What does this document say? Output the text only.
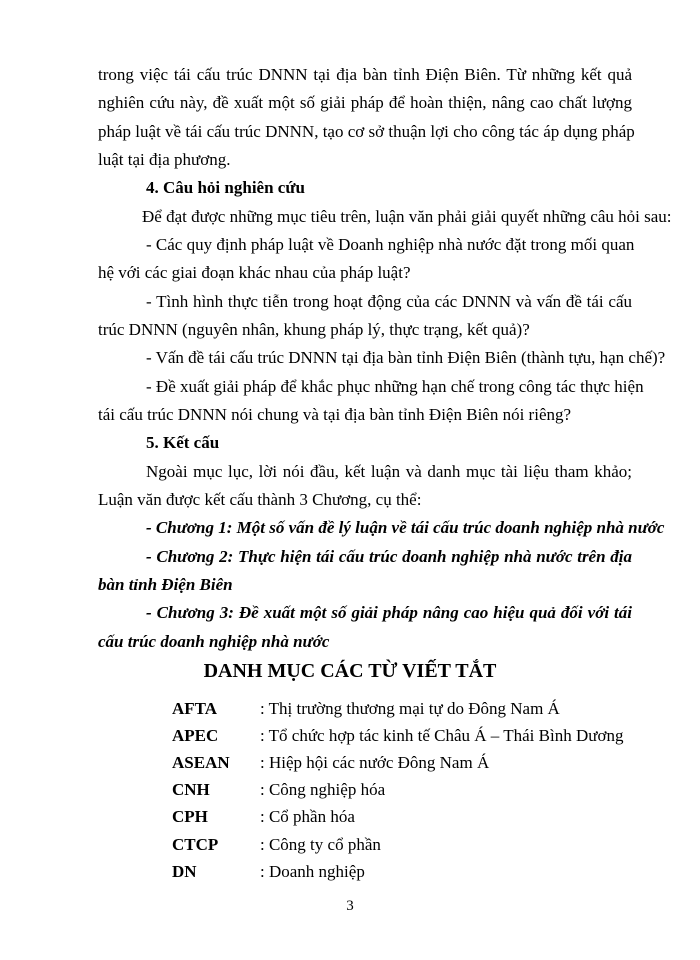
trong việc tái cấu trúc DNNN tại địa bàn tỉnh Điện Biên. Từ những kết quả
nghiên cứu này, đề xuất một số giải pháp để hoàn thiện, nâng cao chất lượng
pháp luật về tái cấu trúc DNNN, tạo cơ sở thuận lợi cho công tác áp dụng pháp
luật tại địa phương.
4. Câu hỏi nghiên cứu
Để đạt được những mục tiêu trên, luận văn phải giải quyết những câu hỏi sau:
- Các quy định pháp luật về Doanh nghiệp nhà nước đặt trong mối quan
hệ với các giai đoạn khác nhau của pháp luật?
- Tình hình thực tiễn trong hoạt động của các DNNN và vấn đề tái cấu
trúc DNNN (nguyên nhân, khung pháp lý, thực trạng, kết quả)?
- Vấn đề tái cấu trúc DNNN tại địa bàn tỉnh Điện Biên (thành tựu, hạn chế)?
- Đề xuất giải pháp để khắc phục những hạn chế trong công tác thực hiện
tái cấu trúc DNNN nói chung và tại địa bàn tỉnh Điện Biên nói riêng?
5. Kết cấu
Ngoài mục lục, lời nói đầu, kết luận và danh mục tài liệu tham khảo;
Luận văn được kết cấu thành 3 Chương, cụ thể:
- Chương 1: Một số vấn đề lý luận về tái cấu trúc doanh nghiệp nhà nước
- Chương 2: Thực hiện tái cấu trúc doanh nghiệp nhà nước trên địa
bàn tỉnh Điện Biên
- Chương 3: Đề xuất một số giải pháp nâng cao hiệu quả đối với tái
cấu trúc doanh nghiệp nhà nước
DANH MỤC CÁC TỪ VIẾT TẮT
AFTA	: Thị trường thương mại tự do Đông Nam Á
APEC : Tổ chức hợp tác kinh tế Châu Á – Thái Bình Dương
ASEAN : Hiệp hội các nước Đông Nam Á
CNH	: Công nghiệp hóa
CPH	: Cổ phần hóa
CTCP : Công ty cổ phần
DN	: Doanh nghiệp
3
